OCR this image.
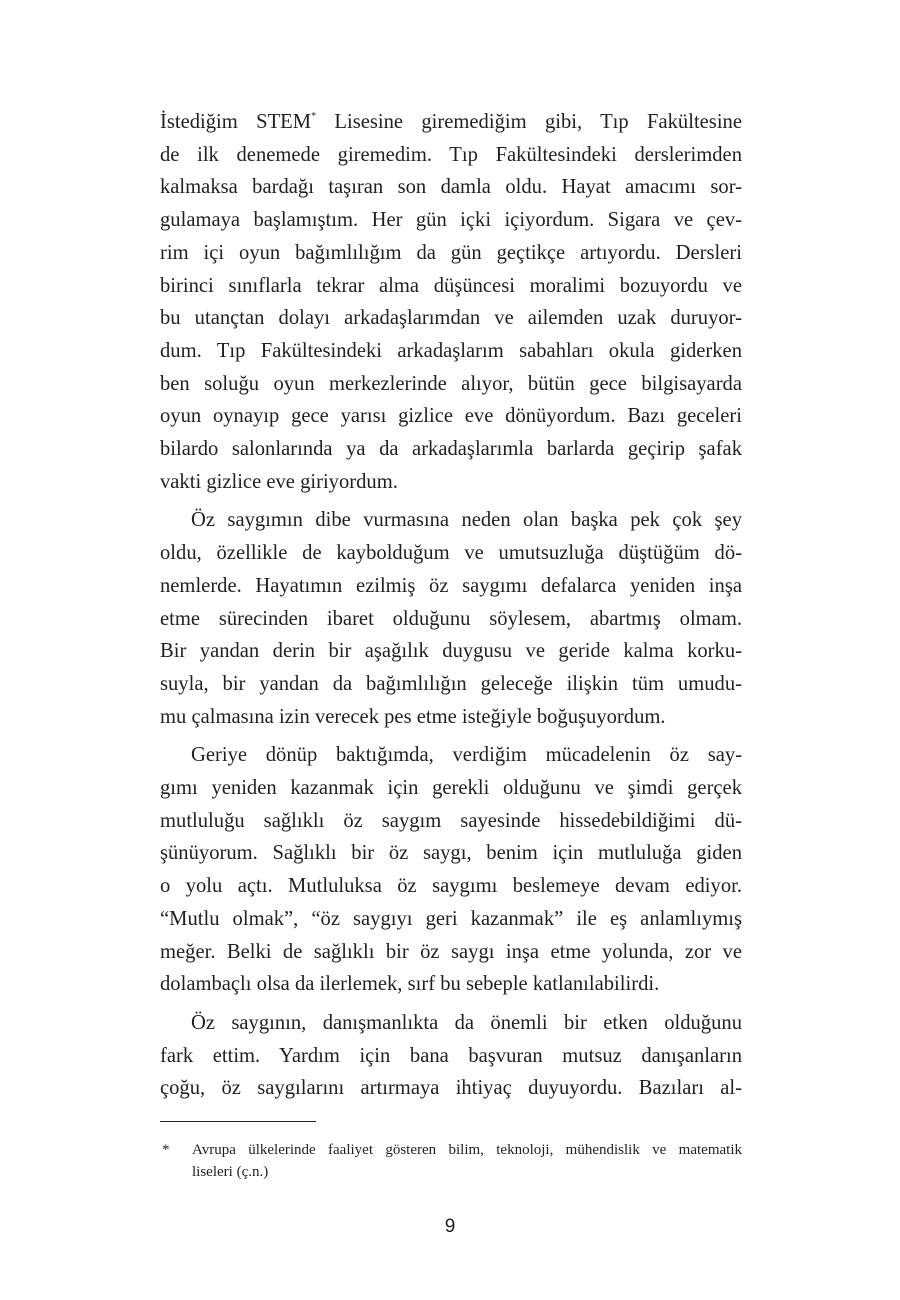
İstediğim STEM* Lisesine giremediğim gibi, Tıp Fakültesine
de ilk denemede giremedim. Tıp Fakültesindeki derslerimden
kalmaksa bardağı taşıran son damla oldu. Hayat amacımı sor-
gulamaya başlamıştım. Her gün içki içiyordum. Sigara ve çev-
rim içi oyun bağımlılığım da gün geçtikçe artıyordu. Dersleri
birinci sınıflarla tekrar alma düşüncesi moralimi bozuyordu ve
bu utançtan dolayı arkadaşlarımdan ve ailemden uzak duruyor-
dum. Tıp Fakültesindeki arkadaşlarım sabahları okula giderken
ben soluğu oyun merkezlerinde alıyor, bütün gece bilgisayarda
oyun oynayıp gece yarısı gizlice eve dönüyordum. Bazı geceleri
bilardo salonlarında ya da arkadaşlarımla barlarda geçirip şafak
vakti gizlice eve giriyordum.

Öz saygımın dibe vurmasına neden olan başka pek çok şey
oldu, özellikle de kaybolduğum ve umutsuzluğa düştüğüm dö-
nemlerde. Hayatımın ezilmiş öz saygımı defalarca yeniden inşa
etme sürecinden ibaret olduğunu söylesem, abartmış olmam.
Bir yandan derin bir aşağılık duygusu ve geride kalma korku-
suyla, bir yandan da bağımlılığın geleceğe ilişkin tüm umudu-
mu çalmasına izin verecek pes etme isteğiyle boğuşuyordum.

Geriye dönüp baktığımda, verdiğim mücadelenin öz say-
gımı yeniden kazanmak için gerekli olduğunu ve şimdi gerçek
mutluluğu sağlıklı öz saygım sayesinde hissedebildiğimi dü-
şünüyorum. Sağlıklı bir öz saygı, benim için mutluluğa giden
o yolu açtı. Mutluluksa öz saygımı beslemeye devam ediyor.
“Mutlu olmak”, “öz saygıyı geri kazanmak” ile eş anlamlıymış
meğer. Belki de sağlıklı bir öz saygı inşa etme yolunda, zor ve
dolambaçlı olsa da ilerlemek, sırf bu sebeple katlanılabilirdi.

Öz saygının, danışmanlıkta da önemli bir etken olduğunu
fark ettim. Yardım için bana başvuran mutsuz danışanların
çoğu, öz saygılarını artırmaya ihtiyaç duyuyordu. Bazıları al-

* Avrupa ülkelerinde faaliyet gösteren bilim, teknoloji, mühendislik ve matematik
liseleri (ç.n.)
9
